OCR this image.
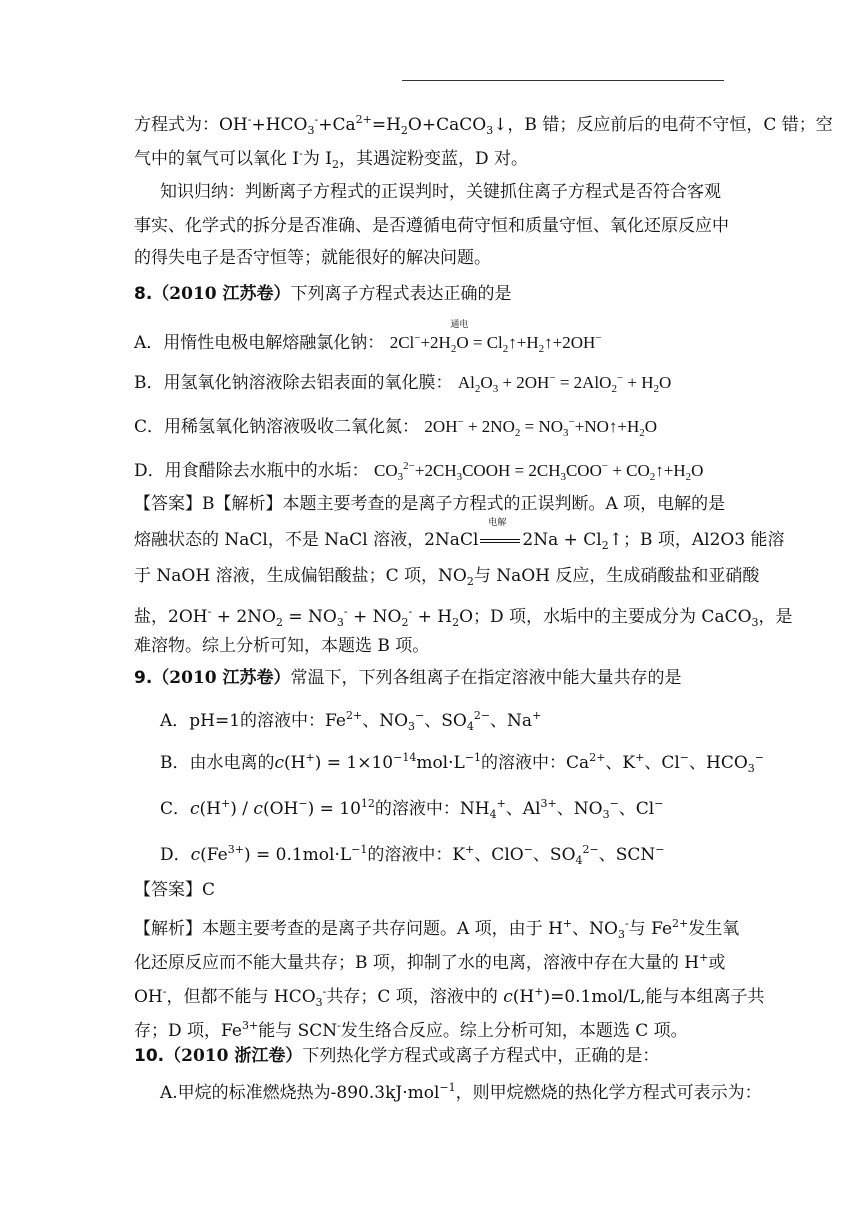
方程式为：$OH^-+HCO_3^-+Ca^{2+}=H_2O+CaCO_3↓$，B 错；反应前后的电荷不守恒，C 错；空
气中的氧气可以氧化 I-为 $I_2$，其遇淀粉变蓝，D 对。
知识归纳：判断离子方程式的正误判时，关键抓住离子方程式是否符合客观
事实、化学式的拆分是否准确、是否遵循电荷守恒和质量守恒、氧化还原反应中
的得失电子是否守恒等；就能很好的解决问题。
8.（2010 江苏卷）下列离子方程式表达正确的是
A．用惰性电极电解熔融氯化钠： $2Cl^-+2H_2O$
通电
= $Cl_2↑+H_2↑+2OH^-$
B．用氢氧化钠溶液除去铝表面的氧化膜： $Al_2O_3 + 2OH^- = 2AlO_2^- + H_2O$
C．用稀氢氧化钠溶液吸收二氧化氮： $2OH^- + 2NO_2$ = $NO_3^-+NO↑+H_2O$
D．用食醋除去水瓶中的水垢： $CO_3^{2-}+2CH_3COOH = 2CH_3COO^-$ + $CO_2↑+H_2O$
【答案】B【解析】本题主要考查的是离子方程式的正误判断。A 项，电解的是
熔融状态的 NaCl，不是 NaCl 溶液，2NaCl
电解
$2Na + Cl_2↑$；B 项，Al2O3 能溶
于 NaOH 溶液，生成偏铝酸盐；C 项，$NO_2$与 NaOH 反应，生成硝酸盐和亚硝酸
盐，$2OH^- + 2NO_2 = NO_3^- + NO_2^- + H_2O$；D 项，水垢中的主要成分为 CaCO$_3$，是
难溶物。综上分析可知，本题选 B 项。
9.（2010 江苏卷）常温下，下列各组离子在指定溶液中能大量共存的是
A．pH=1的溶液中：$Fe^{2+}$、$NO_3^-$、$SO_4^{2-}$、Na+
B．由水电离的$c(H^+) = 1\times 10^{-14}mol\cdot L^{-1}$的溶液中：$Ca^{2+}$、K+、Cl−、$HCO_3^-$
C．$c(H^+) / c(OH^-) = 10^{12}$的溶液中：$NH_4^+$、$Al^{3+}$、$NO_3^-$、Cl−
D．$c(Fe^{3+}) = 0.1mol\cdot L^{-1}$的溶液中：K+、ClO−、$SO_4^{2-}$、SCN−
【答案】C
【解析】本题主要考查的是离子共存问题。A 项，由于 H+、$NO_3^-$与 $Fe^{2+}$发生氧
化还原反应而不能大量共存；B 项，抑制了水的电离，溶液中存在大量的 H+或
OH-，但都不能与 $HCO_3^-$共存；C 项，溶液中的 c(H+)=0.1mol/L,能与本组离子共
存；D 项，$Fe^{3+}$能与 SCN-发生络合反应。综上分析可知，本题选 C 项。
10.（2010 浙江卷）下列热化学方程式或离子方程式中，正确的是：
A.甲烷的标准燃烧热为-890.3kJ·mol$^{-1}$，则甲烷燃烧的热化学方程式可表示为：
